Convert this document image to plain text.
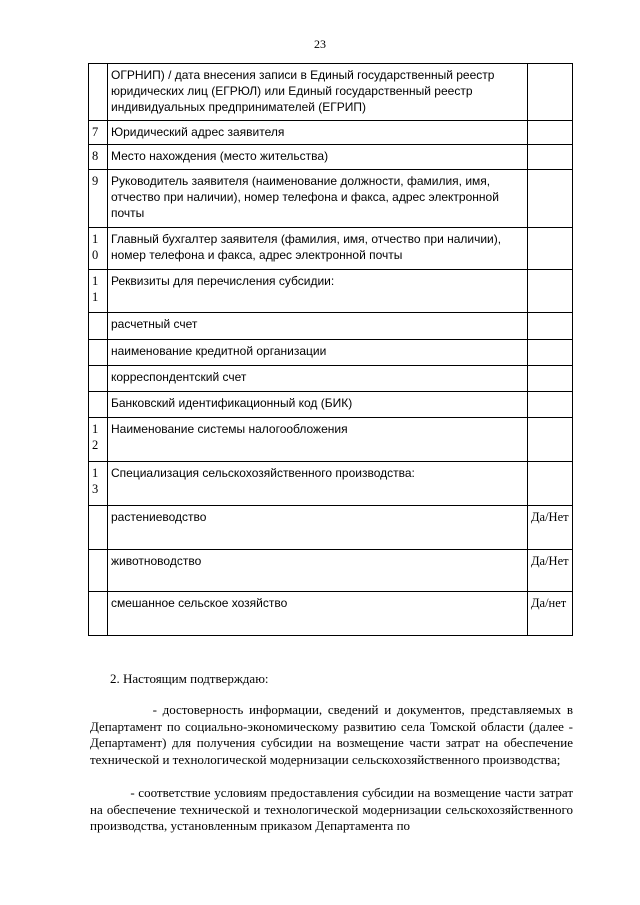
23
	ОГРНИП) / дата внесения записи в Единый государственный реестр юридических лиц (ЕГРЮЛ) или Единый государственный реестр индивидуальных предпринимателей (ЕГРИП)	
7	Юридический адрес заявителя	
8	Место нахождения (место жительства)	
9	Руководитель заявителя (наименование должности, фамилия, имя, отчество при наличии), номер телефона и факса, адрес электронной почты	
10	Главный бухгалтер заявителя (фамилия, имя, отчество при наличии), номер телефона и факса, адрес электронной почты	
11	Реквизиты для перечисления субсидии:	
	расчетный счет	
	наименование кредитной организации	
	корреспондентский счет	
	Банковский идентификационный код (БИК)	
12	Наименование системы налогообложения	
13	Специализация сельскохозяйственного производства:	
	растениеводство	Да/Нет
	животноводство	Да/Нет
	смешанное сельское хозяйство	Да/нет
2. Настоящим подтверждаю:
- достоверность информации, сведений и документов, представляемых в Департамент по социально-экономическому развитию села Томской области (далее - Департамент) для получения субсидии на возмещение части затрат на обеспечение технической и технологической модернизации сельскохозяйственного производства;
- соответствие условиям предоставления субсидии на возмещение части затрат на обеспечение технической и технологической модернизации сельскохозяйственного производства, установленным приказом Департамента по
